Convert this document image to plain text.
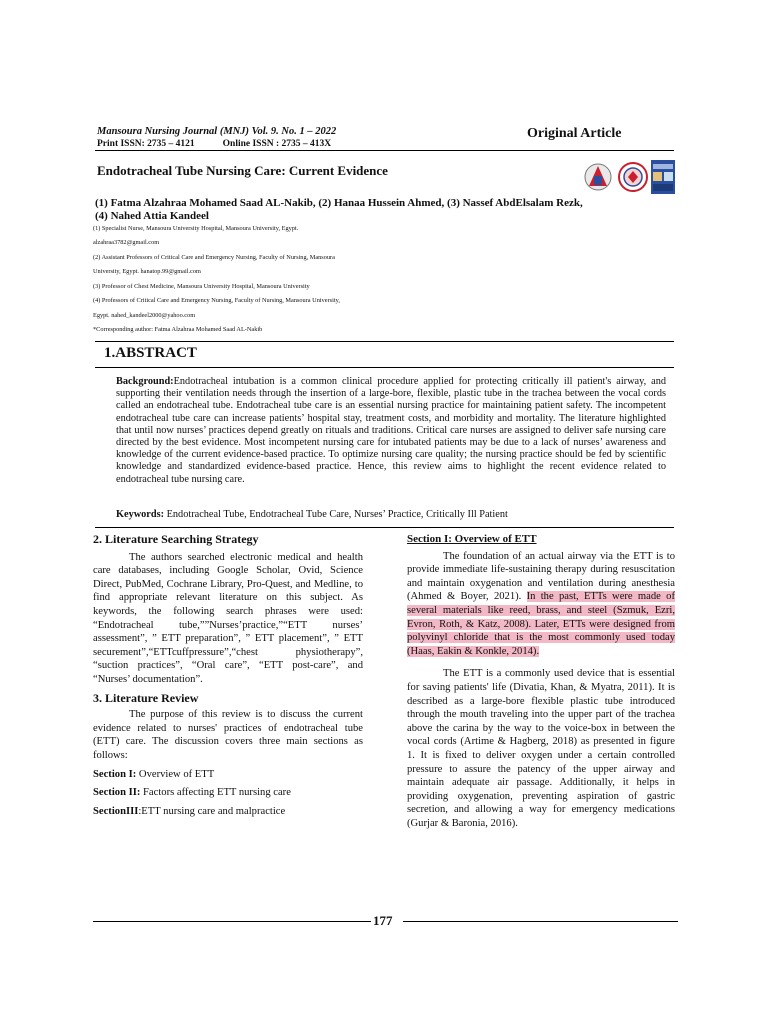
Mansoura Nursing Journal (MNJ) Vol. 9. No. 1 – 2022
Print ISSN: 2735 – 4121	Online ISSN : 2735 – 413X
Original Article
Endotracheal Tube Nursing Care: Current Evidence
(1) Fatma Alzahraa Mohamed Saad AL-Nakib, (2) Hanaa Hussein Ahmed, (3) Nassef AbdElsalam Rezk, (4) Nahed Attia Kandeel
(1) Specialist Nurse, Mansoura University Hospital, Mansoura University, Egypt.
alzahraa3782@gmail.com
(2) Assistant Professors of Critical Care and Emergency Nursing, Faculty of Nursing, Mansoura
University, Egypt. hanatop.99@gmail.com
(3) Professor of Chest Medicine, Mansoura University Hospital, Mansoura University
(4) Professors of Critical Care and Emergency Nursing, Faculty of Nursing, Mansoura University,
Egypt. nahed_kandeel2000@yahoo.com
*Corresponding author: Fatma Alzahraa Mohamed Saad AL-Nakib
1.ABSTRACT
Background:Endotracheal intubation is a common clinical procedure applied for protecting critically ill patient's airway, and supporting their ventilation needs through the insertion of a large-bore, flexible, plastic tube in the trachea between the vocal cords called an endotracheal tube. Endotracheal tube care is an essential nursing practice for maintaining patient safety. The incompetent endotracheal tube care can increase patients’ hospital stay, treatment costs, and morbidity and mortality. The literature highlighted that until now nurses’ practices depend greatly on rituals and traditions. Critical care nurses are assigned to deliver safe nursing care directed by the best evidence. Most incompetent nursing care for intubated patients may be due to a lack of nurses’ awareness and knowledge of the current evidence-based practice. To optimize nursing care quality; the nursing practice should be fed by scientific knowledge and standardized evidence-based practice. Hence, this review aims to highlight the recent evidence related to endotracheal tube nursing care.
Keywords: Endotracheal Tube, Endotracheal Tube Care, Nurses’ Practice, Critically Ill Patient
2. Literature Searching Strategy

The authors searched electronic medical and health care databases, including Google Scholar, Ovid, Science Direct, PubMed, Cochrane Library, Pro-Quest, and Medline, to find appropriate relevant literature on this subject. As keywords, the following search phrases were used: “Endotracheal tube,””Nurses’practice,”“ETT nurses’ assessment”, ” ETT preparation”, ” ETT placement”, ” ETT securement”,“ETTcuffpressure”,“chest physiotherapy”, “suction practices”, “Oral care”, “ETT post-care”, and “Nurses’ documentation”.

3. Literature Review

The purpose of this review is to discuss the current evidence related to nurses' practices of endotracheal tube (ETT) care. The discussion covers three main sections as follows:

Section I: Overview of ETT
Section II: Factors affecting ETT nursing care
SectionIII:ETT nursing care and malpractice
Section I: Overview of ETT

The foundation of an actual airway via the ETT is to provide immediate life-sustaining therapy during resuscitation and maintain oxygenation and ventilation during anesthesia (Ahmed & Boyer, 2021). In the past, ETTs were made of several materials like reed, brass, and steel (Szmuk, Ezri, Evron, Roth, & Katz, 2008). Later, ETTs were designed from polyvinyl chloride that is the most commonly used today (Haas, Eakin & Konkle, 2014).

The ETT is a commonly used device that is essential for saving patients' life (Divatia, Khan, & Myatra, 2011). It is described as a large-bore flexible plastic tube introduced through the mouth traveling into the upper part of the trachea above the carina by the way to the voice-box in between the vocal cords (Artime & Hagberg, 2018) as presented in figure 1. It is fixed to deliver oxygen under a certain controlled pressure to assure the patency of the upper airway and maintain adequate air passage. Additionally, it helps in providing oxygenation, preventing aspiration of gastric secretion, and allowing a way for emergency medications (Gurjar & Baronia, 2016).

177
